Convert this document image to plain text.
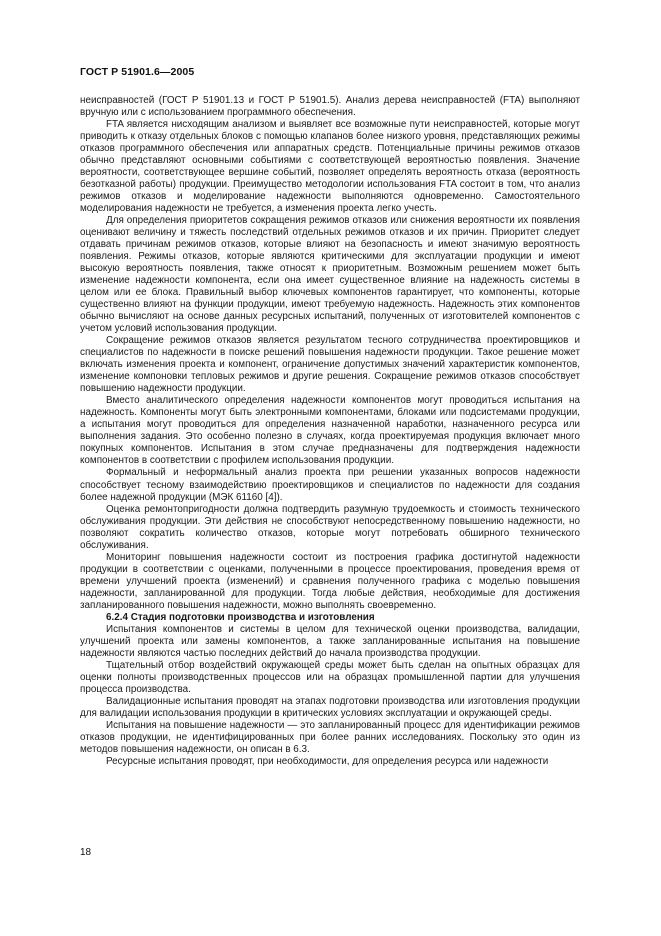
ГОСТ Р 51901.6—2005

неисправностей (ГОСТ Р 51901.13 и ГОСТ Р 51901.5). Анализ дерева неисправностей (FTA) выполняют вручную или с использованием программного обеспечения.

FTA является нисходящим анализом и выявляет все возможные пути неисправностей, которые могут приводить к отказу отдельных блоков с помощью клапанов более низкого уровня, представляющих режимы отказов программного обеспечения или аппаратных средств. Потенциальные причины режимов отказов обычно представляют основными событиями с соответствующей вероятностью появления. Значение вероятности, соответствующее вершине событий, позволяет определять вероятность отказа (вероятность безотказной работы) продукции. Преимущество методологии использования FTA состоит в том, что анализ режимов отказов и моделирование надежности выполняются одновременно. Самостоятельного моделирования надежности не требуется, а изменения проекта легко учесть.

Для определения приоритетов сокращения режимов отказов или снижения вероятности их появления оценивают величину и тяжесть последствий отдельных режимов отказов и их причин. Приоритет следует отдавать причинам режимов отказов, которые влияют на безопасность и имеют значимую вероятность появления. Режимы отказов, которые являются критическими для эксплуатации продукции и имеют высокую вероятность появления, также относят к приоритетным. Возможным решением может быть изменение надежности компонента, если она имеет существенное влияние на надежность системы в целом или ее блока. Правильный выбор ключевых компонентов гарантирует, что компоненты, которые существенно влияют на функции продукции, имеют требуемую надежность. Надежность этих компонентов обычно вычисляют на основе данных ресурсных испытаний, полученных от изготовителей компонентов с учетом условий использования продукции.

Сокращение режимов отказов является результатом тесного сотрудничества проектировщиков и специалистов по надежности в поиске решений повышения надежности продукции. Такое решение может включать изменения проекта и компонент, ограничение допустимых значений характеристик компонентов, изменение компоновки тепловых режимов и другие решения. Сокращение режимов отказов способствует повышению надежности продукции.

Вместо аналитического определения надежности компонентов могут проводиться испытания на надежность. Компоненты могут быть электронными компонентами, блоками или подсистемами продукции, а испытания могут проводиться для определения назначенной наработки, назначенного ресурса или выполнения задания. Это особенно полезно в случаях, когда проектируемая продукция включает много покупных компонентов. Испытания в этом случае предназначены для подтверждения надежности компонентов в соответствии с профилем использования продукции.

Формальный и неформальный анализ проекта при решении указанных вопросов надежности способствует тесному взаимодействию проектировщиков и специалистов по надежности для создания более надежной продукции (МЭК 61160 [4]).

Оценка ремонтопригодности должна подтвердить разумную трудоемкость и стоимость технического обслуживания продукции. Эти действия не способствуют непосредственному повышению надежности, но позволяют сократить количество отказов, которые могут потребовать обширного технического обслуживания.

Мониторинг повышения надежности состоит из построения графика достигнутой надежности продукции в соответствии с оценками, полученными в процессе проектирования, проведения время от времени улучшений проекта (изменений) и сравнения полученного графика с моделью повышения надежности, запланированной для продукции. Тогда любые действия, необходимые для достижения запланированного повышения надежности, можно выполнять своевременно.

6.2.4 Стадия подготовки производства и изготовления

Испытания компонентов и системы в целом для технической оценки производства, валидации, улучшений проекта или замены компонентов, а также запланированные испытания на повышение надежности являются частью последних действий до начала производства продукции.

Тщательный отбор воздействий окружающей среды может быть сделан на опытных образцах для оценки полноты производственных процессов или на образцах промышленной партии для улучшения процесса производства.

Валидационные испытания проводят на этапах подготовки производства или изготовления продукции для валидации использования продукции в критических условиях эксплуатации и окружающей среды.

Испытания на повышение надежности — это запланированный процесс для идентификации режимов отказов продукции, не идентифицированных при более ранних исследованиях. Поскольку это один из методов повышения надежности, он описан в 6.3.

Ресурсные испытания проводят, при необходимости, для определения ресурса или надежности

18
